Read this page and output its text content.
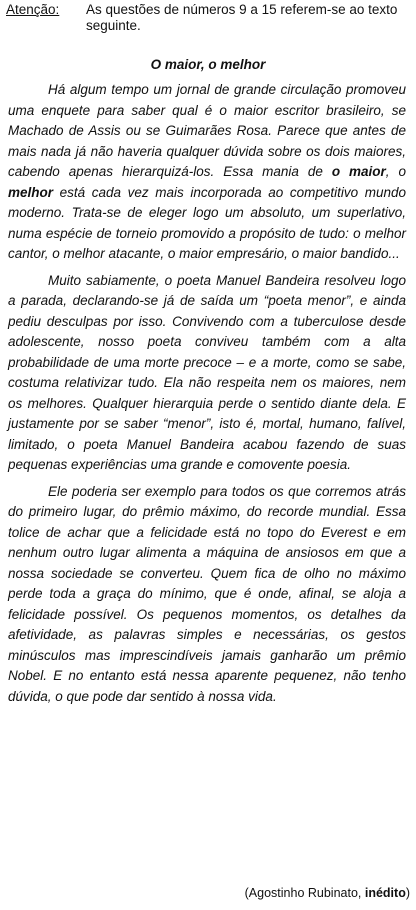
Atenção: As questões de números 9 a 15 referem-se ao texto seguinte.
O maior, o melhor

Há algum tempo um jornal de grande circulação promoveu uma enquete para saber qual é o maior escritor brasileiro, se Machado de Assis ou se Guimarães Rosa. Parece que antes de mais nada já não haveria qualquer dúvida sobre os dois maiores, cabendo apenas hierarquizá-los. Essa mania de o maior, o melhor está cada vez mais incorporada ao competitivo mundo moderno. Trata-se de eleger logo um absoluto, um superlativo, numa espécie de torneio promovido a propósito de tudo: o melhor cantor, o melhor atacante, o maior empresário, o maior bandido...

Muito sabiamente, o poeta Manuel Bandeira resolveu logo a parada, declarando-se já de saída um “poeta menor”, e ainda pediu desculpas por isso. Convivendo com a tuberculose desde adolescente, nosso poeta conviveu também com a alta probabilidade de uma morte precoce – e a morte, como se sabe, costuma relativizar tudo. Ela não respeita nem os maiores, nem os melhores. Qualquer hierarquia perde o sentido diante dela. E justamente por se saber “menor”, isto é, mortal, humano, falível, limitado, o poeta Manuel Bandeira acabou fazendo de suas pequenas experiências uma grande e comovente poesia.

Ele poderia ser exemplo para todos os que corremos atrás do primeiro lugar, do prêmio máximo, do recorde mundial. Essa tolice de achar que a felicidade está no topo do Everest e em nenhum outro lugar alimenta a máquina de ansiosos em que a nossa sociedade se converteu. Quem fica de olho no máximo perde toda a graça do mínimo, que é onde, afinal, se aloja a felicidade possível. Os pequenos momentos, os detalhes da afetividade, as palavras simples e necessárias, os gestos minúsculos mas imprescindíveis jamais ganharão um prêmio Nobel. E no entanto está nessa aparente pequenez, não tenho dúvida, o que pode dar sentido à nossa vida.

(Agostinho Rubinato, inédito)
